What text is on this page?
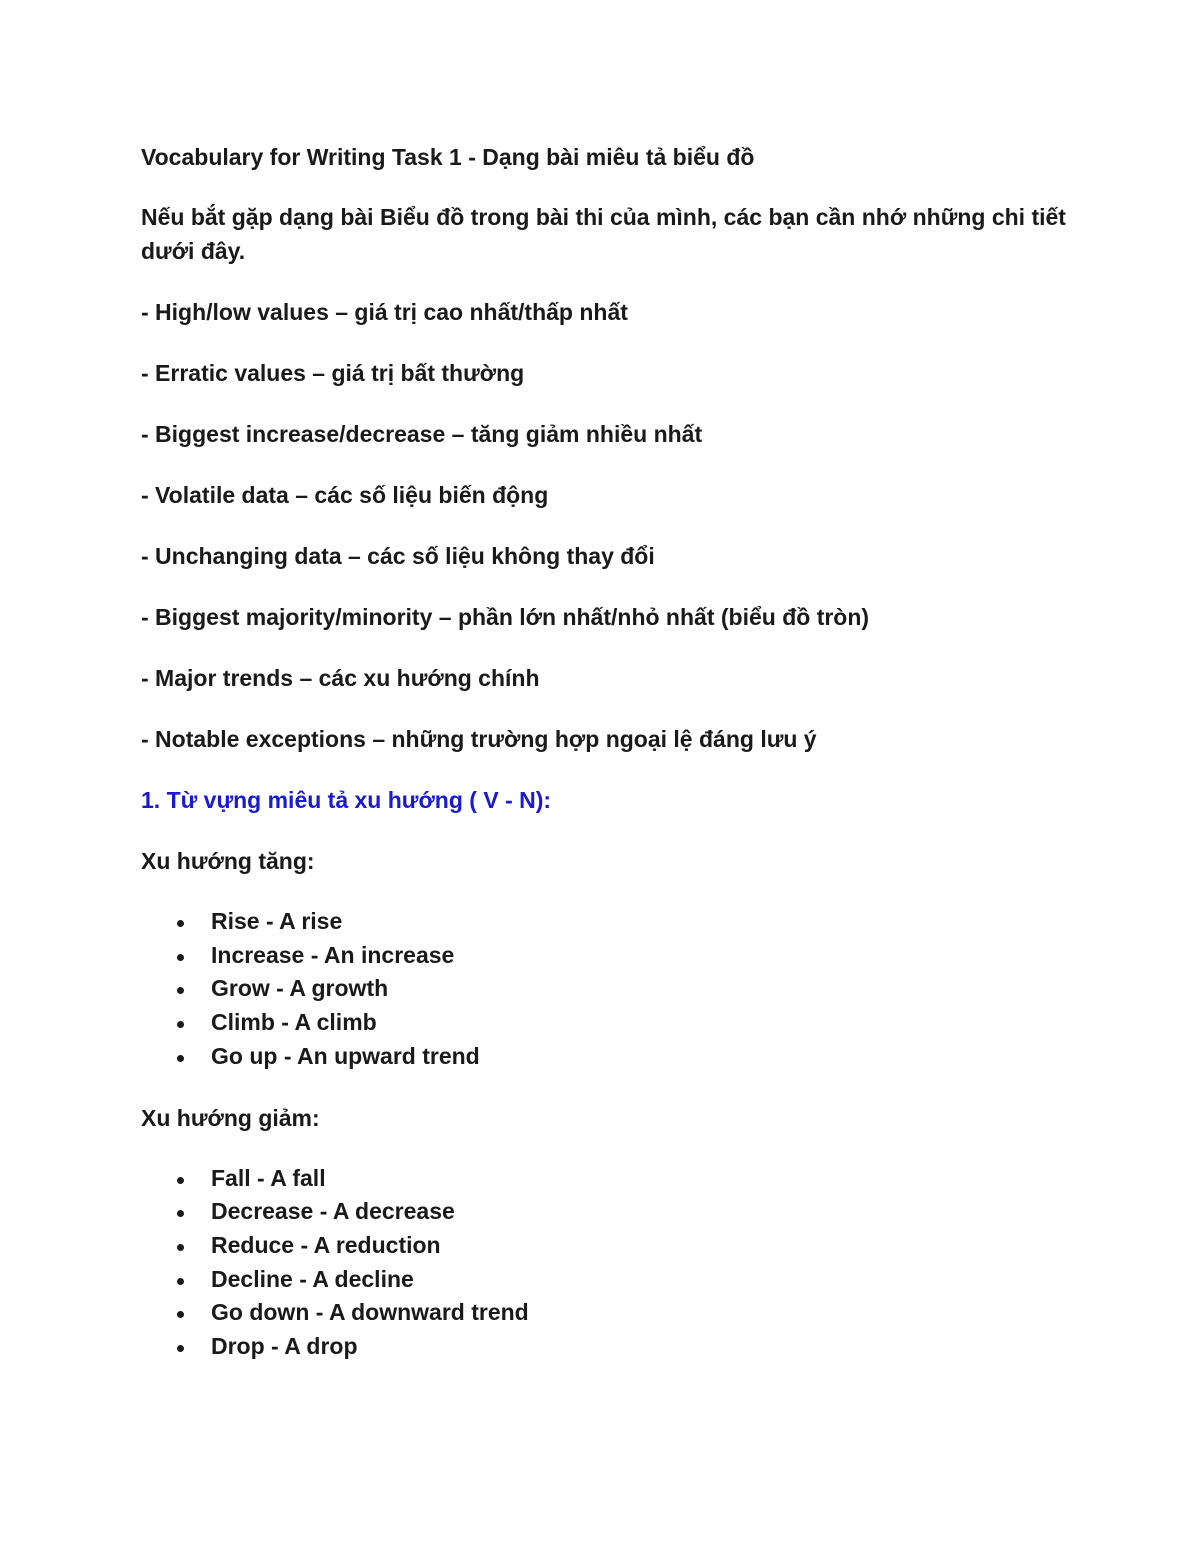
Vocabulary for Writing Task 1 - Dạng bài miêu tả biểu đồ

Nếu bắt gặp dạng bài Biểu đồ trong bài thi của mình, các bạn cần nhớ những chi tiết dưới đây.

- High/low values – giá trị cao nhất/thấp nhất

- Erratic values – giá trị bất thường

- Biggest increase/decrease – tăng giảm nhiều nhất

- Volatile data – các số liệu biến động

- Unchanging data – các số liệu không thay đổi

- Biggest majority/minority – phần lớn nhất/nhỏ nhất (biểu đồ tròn)

- Major trends – các xu hướng chính

- Notable exceptions – những trường hợp ngoại lệ đáng lưu ý

1. Từ vựng miêu tả xu hướng ( V - N):

Xu hướng tăng:

Rise - A rise
Increase - An increase
Grow - A growth
Climb - A climb
Go up - An upward trend

Xu hướng giảm:

Fall - A fall
Decrease - A decrease
Reduce - A reduction
Decline - A decline
Go down - A downward trend
Drop - A drop
